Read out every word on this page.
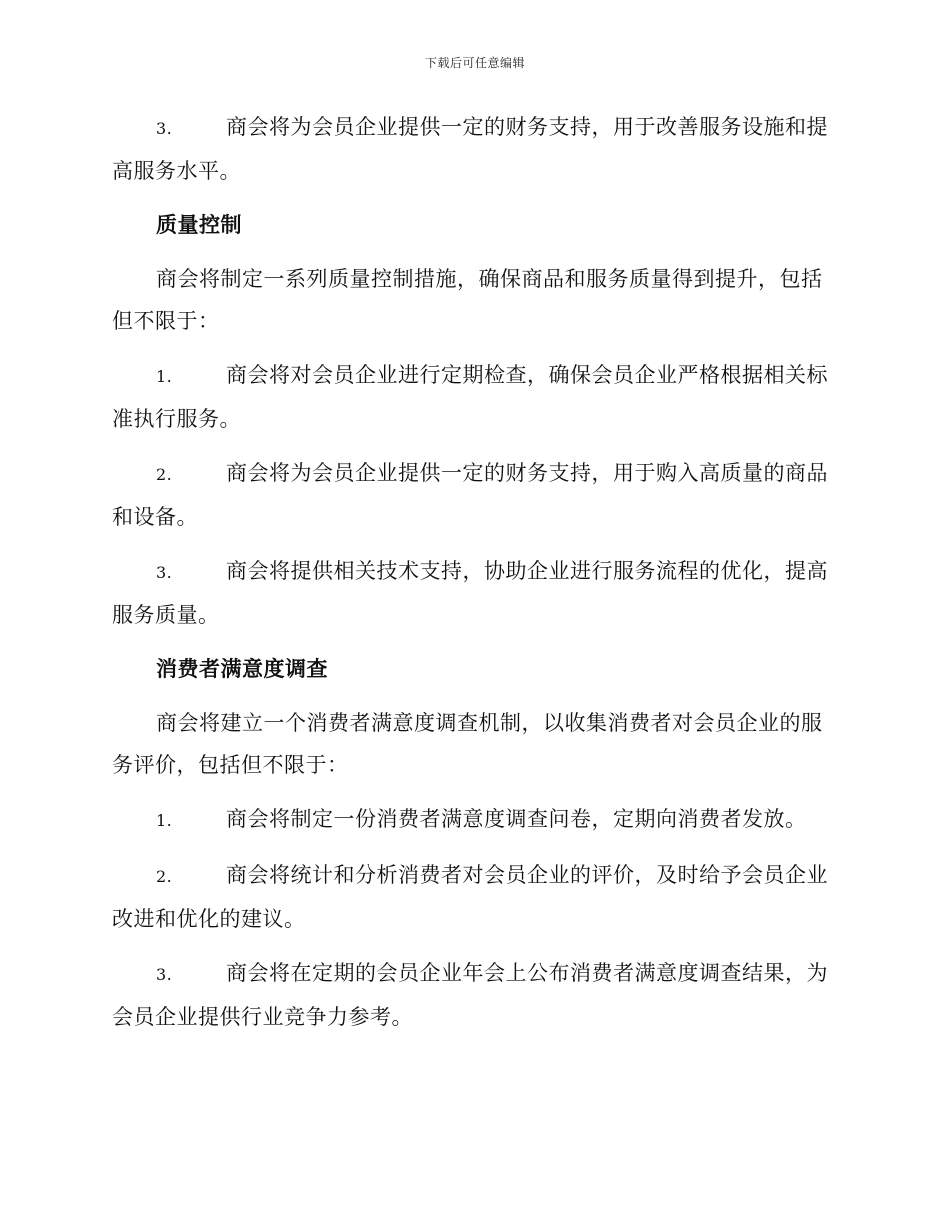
下载后可任意编辑

3.	商会将为会员企业提供一定的财务支持，用于改善服务设施和提高服务水平。

质量控制

商会将制定一系列质量控制措施，确保商品和服务质量得到提升，包括但不限于：

1.	商会将对会员企业进行定期检查，确保会员企业严格根据相关标准执行服务。

2.	商会将为会员企业提供一定的财务支持，用于购入高质量的商品和设备。

3.	商会将提供相关技术支持，协助企业进行服务流程的优化，提高服务质量。

消费者满意度调查

商会将建立一个消费者满意度调查机制，以收集消费者对会员企业的服务评价，包括但不限于：

1.	商会将制定一份消费者满意度调查问卷，定期向消费者发放。

2.	商会将统计和分析消费者对会员企业的评价，及时给予会员企业改进和优化的建议。

3.	商会将在定期的会员企业年会上公布消费者满意度调查结果，为会员企业提供行业竞争力参考。
